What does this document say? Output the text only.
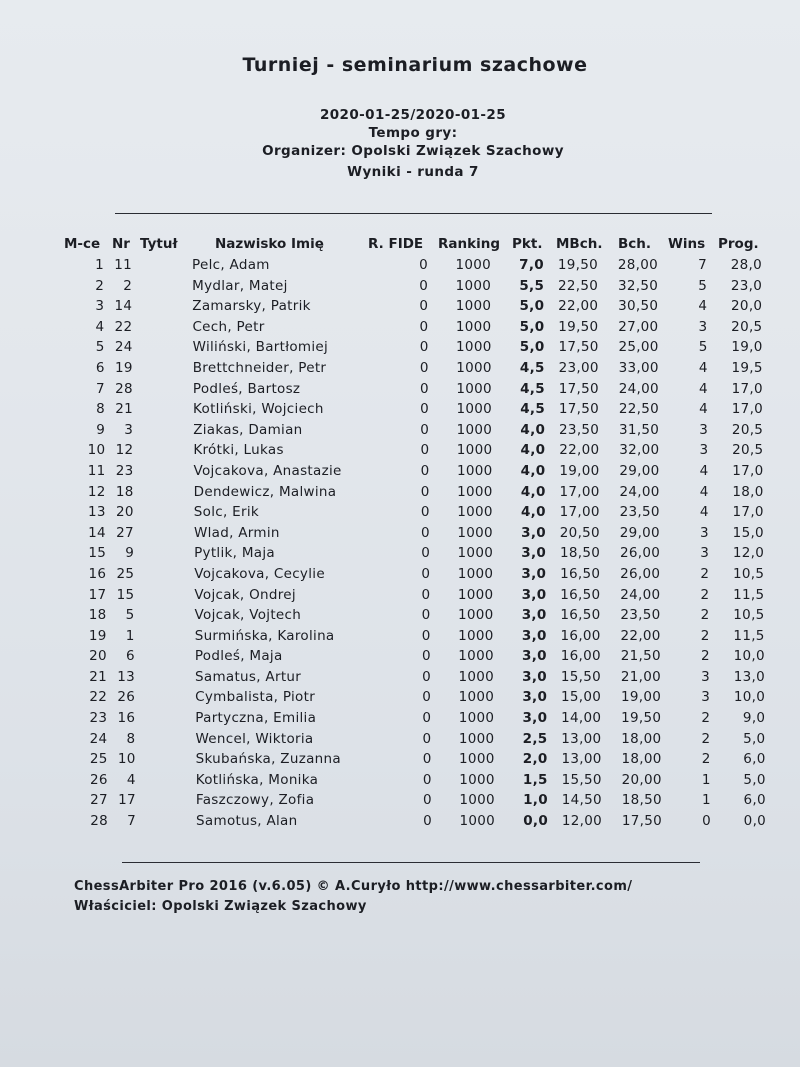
Turniej - seminarium szachowe
2020-01-25/2020-01-25
Tempo gry:
Organizer: Opolski Związek Szachowy
Wyniki - runda 7
M-ce Nr Tytuł	Nazwisko Imię	R. FIDE Ranking Pkt. MBch. Bch. Wins Prog.
1 11	Pelc, Adam	0 1000 7,0 19,50 28,00	7 28,0
2 2	Mydlar, Matej	0 1000 5,5 22,50 32,50	5 23,0
3 14	Zamarsky, Patrik	0 1000 5,0 22,00 30,50	4 20,0
4 22	Cech, Petr	0 1000 5,0 19,50 27,00	3 20,5
5 24	Wiliński, Bartłomiej	0 1000 5,0 17,50 25,00	5 19,0
6 19	Brettchneider, Petr	0 1000 4,5 23,00 33,00	4 19,5
7 28	Podleś, Bartosz	0 1000 4,5 17,50 24,00	4 17,0
8 21	Kotliński, Wojciech	0 1000 4,5 17,50 22,50	4 17,0
9 3	Ziakas, Damian	0 1000 4,0 23,50 31,50	3 20,5
10 12	Krótki, Lukas	0 1000 4,0 22,00 32,00	3 20,5
11 23	Vojcakova, Anastazie	0 1000 4,0 19,00 29,00	4 17,0
12 18	Dendewicz, Malwina	0 1000 4,0 17,00 24,00	4 18,0
13 20	Solc, Erik	0 1000 4,0 17,00 23,50	4 17,0
14 27	Wlad, Armin	0 1000 3,0 20,50 29,00	3 15,0
15 9	Pytlik, Maja	0 1000 3,0 18,50 26,00	3 12,0
16 25	Vojcakova, Cecylie	0 1000 3,0 16,50 26,00	2 10,5
17 15	Vojcak, Ondrej	0 1000 3,0 16,50 24,00	2 11,5
18 5	Vojcak, Vojtech	0 1000 3,0 16,50 23,50	2 10,5
19 1	Surmińska, Karolina	0 1000 3,0 16,00 22,00	2 11,5
20 6	Podleś, Maja	0 1000 3,0 16,00 21,50	2 10,0
21 13	Samatus, Artur	0 1000 3,0 15,50 21,00	3 13,0
22 26	Cymbalista, Piotr	0 1000 3,0 15,00 19,00	3 10,0
23 16	Partyczna, Emilia	0 1000 3,0 14,00 19,50	2 9,0
24 8	Wencel, Wiktoria	0 1000 2,5 13,00 18,00	2 5,0
25 10	Skubańska, Zuzanna	0 1000 2,0 13,00 18,00	2 6,0
26 4	Kotlińska, Monika	0 1000 1,5 15,50 20,00	1 5,0
27 17	Faszczowy, Zofia	0 1000 1,0 14,50 18,50	1 6,0
28 7	Samotus, Alan	0 1000 0,0 12,00 17,50	0 0,0
ChessArbiter Pro 2016 (v.6.05) © A.Curyło http://www.chessarbiter.com/
Właściciel: Opolski Związek Szachowy
